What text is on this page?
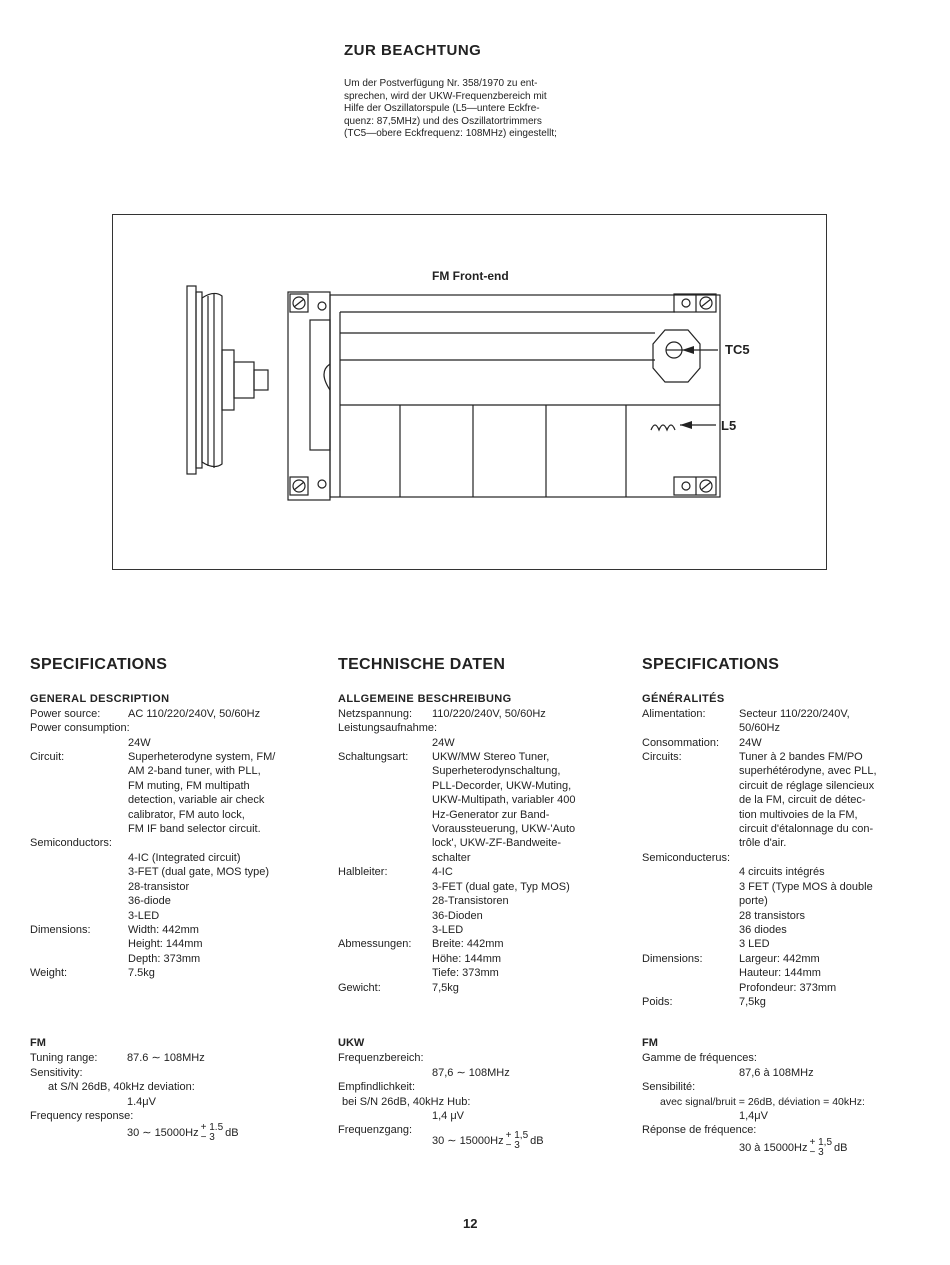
ZUR BEACHTUNG
Um der Postverfügung Nr. 358/1970 zu ent-
sprechen, wird der UKW-Frequenzbereich mit
Hilfe der Oszillatorspule (L5—untere Eckfre-
quenz: 87,5MHz) und des Oszillatortrimmers
(TC5—obere Eckfrequenz: 108MHz) eingestellt;
FM Front-end
TC5
L5
SPECIFICATIONS
GENERAL DESCRIPTION
Power source:	AC 110/220/240V, 50/60Hz
Power consumption:
24W
Circuit:	Superheterodyne system, FM/
AM 2-band tuner, with PLL,
FM muting, FM multipath
detection, variable air check
calibrator, FM auto lock,
FM IF band selector circuit.
Semiconductors:
4-IC (Integrated circuit)
3-FET (dual gate, MOS type)
28-transistor
36-diode
3-LED
Dimensions:	Width: 442mm
Height: 144mm
Depth: 373mm
Weight:	7.5kg
TECHNISCHE DATEN
ALLGEMEINE BESCHREIBUNG
Netzspannung:	110/220/240V, 50/60Hz
Leistungsaufnahme:
24W
Schaltungsart:	UKW/MW Stereo Tuner,
Superheterodynschaltung,
PLL-Decorder, UKW-Muting,
UKW-Multipath, variabler 400
Hz-Generator zur Band-
Voraussteuerung, UKW-'Auto
lock', UKW-ZF-Bandweite-
schalter
Halbleiter:	4-IC
3-FET (dual gate, Typ MOS)
28-Transistoren
36-Dioden
3-LED
Abmessungen:	Breite: 442mm
Höhe: 144mm
Tiefe: 373mm
Gewicht:	7,5kg
SPECIFICATIONS
GÉNÉRALITÉS
Alimentation:	Secteur 110/220/240V,
50/60Hz
Consommation:	24W
Circuits:	Tuner à 2 bandes FM/PO
superhétérodyne, avec PLL,
circuit de réglage silencieux
de la FM, circuit de détec-
tion multivoies de la FM,
circuit d'étalonnage du con-
trôle d'air.
Semiconducterus:
4 circuits intégrés
3 FET (Type MOS à double
porte)
28 transistors
36 diodes
3 LED
Dimensions:	Largeur: 442mm
Hauteur: 144mm
Profondeur: 373mm
Poids:	7,5kg
FM
Tuning range:	87.6 ∼ 108MHz
Sensitivity:
at S/N 26dB, 40kHz deviation:
1.4μV
Frequency response:
30 ∼ 15000Hz + 1.5
− 3 dB
UKW
Frequenzbereich:
87,6 ∼ 108MHz
Empfindlichkeit:
bei S/N 26dB, 40kHz Hub:
1,4 μV
Frequenzgang:
30 ∼ 15000Hz + 1,5
− 3 dB
FM
Gamme de fréquences:
87,6 à 108MHz
Sensibilité:
avec signal/bruit = 26dB, déviation = 40kHz:
1,4μV
Réponse de fréquence:
30 à 15000Hz + 1,5
− 3 dB
12
